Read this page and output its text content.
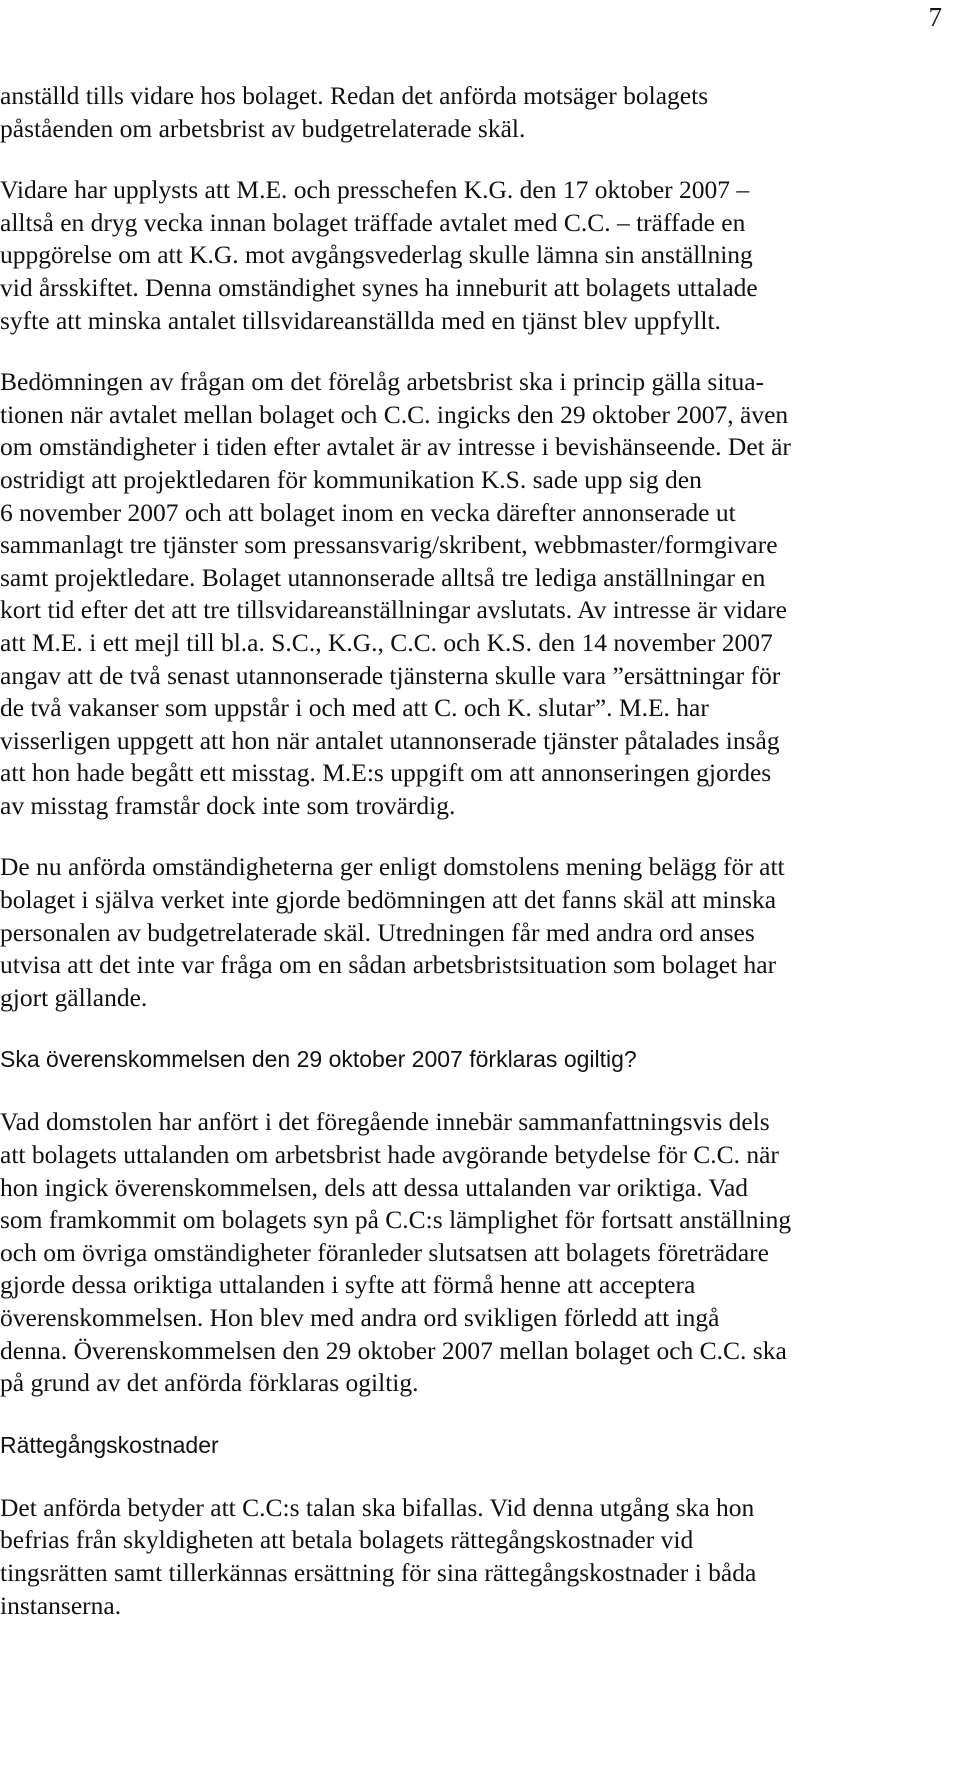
7

anställd tills vidare hos bolaget. Redan det anförda motsäger bolagets
påståenden om arbetsbrist av budgetrelaterade skäl.

Vidare har upplysts att M.E. och presschefen K.G. den 17 oktober 2007 –
alltså en dryg vecka innan bolaget träffade avtalet med C.C. – träffade en
uppgörelse om att K.G. mot avgångsvederlag skulle lämna sin anställning
vid årsskiftet. Denna omständighet synes ha inneburit att bolagets uttalade
syfte att minska antalet tillsvidareanställda med en tjänst blev uppfyllt.

Bedömningen av frågan om det förelåg arbetsbrist ska i princip gälla situa-
tionen när avtalet mellan bolaget och C.C. ingicks den 29 oktober 2007, även
om omständigheter i tiden efter avtalet är av intresse i bevishänseende. Det är
ostridigt att projektledaren för kommunikation K.S. sade upp sig den
6 november 2007 och att bolaget inom en vecka därefter annonserade ut
sammanlagt tre tjänster som pressansvarig/skribent, webbmaster/formgivare
samt projektledare. Bolaget utannonserade alltså tre lediga anställningar en
kort tid efter det att tre tillsvidareanställningar avslutats. Av intresse är vidare
att M.E. i ett mejl till bl.a. S.C., K.G., C.C. och K.S. den 14 november 2007
angav att de två senast utannonserade tjänsterna skulle vara ”ersättningar för
de två vakanser som uppstår i och med att C. och K. slutar”. M.E. har
visserligen uppgett att hon när antalet utannonserade tjänster påtalades insåg
att hon hade begått ett misstag. M.E:s uppgift om att annonseringen gjordes
av misstag framstår dock inte som trovärdig.

De nu anförda omständigheterna ger enligt domstolens mening belägg för att
bolaget i själva verket inte gjorde bedömningen att det fanns skäl att minska
personalen av budgetrelaterade skäl. Utredningen får med andra ord anses
utvisa att det inte var fråga om en sådan arbetsbristsituation som bolaget har
gjort gällande.

Ska överenskommelsen den 29 oktober 2007 förklaras ogiltig?

Vad domstolen har anfört i det föregående innebär sammanfattningsvis dels
att bolagets uttalanden om arbetsbrist hade avgörande betydelse för C.C. när
hon ingick överenskommelsen, dels att dessa uttalanden var oriktiga. Vad
som framkommit om bolagets syn på C.C:s lämplighet för fortsatt anställning
och om övriga omständigheter föranleder slutsatsen att bolagets företrädare
gjorde dessa oriktiga uttalanden i syfte att förmå henne att acceptera
överenskommelsen. Hon blev med andra ord svikligen förledd att ingå
denna. Överenskommelsen den 29 oktober 2007 mellan bolaget och C.C. ska
på grund av det anförda förklaras ogiltig.

Rättegångskostnader

Det anförda betyder att C.C:s talan ska bifallas. Vid denna utgång ska hon
befrias från skyldigheten att betala bolagets rättegångskostnader vid
tingsrätten samt tillerkännas ersättning för sina rättegångskostnader i båda
instanserna.
